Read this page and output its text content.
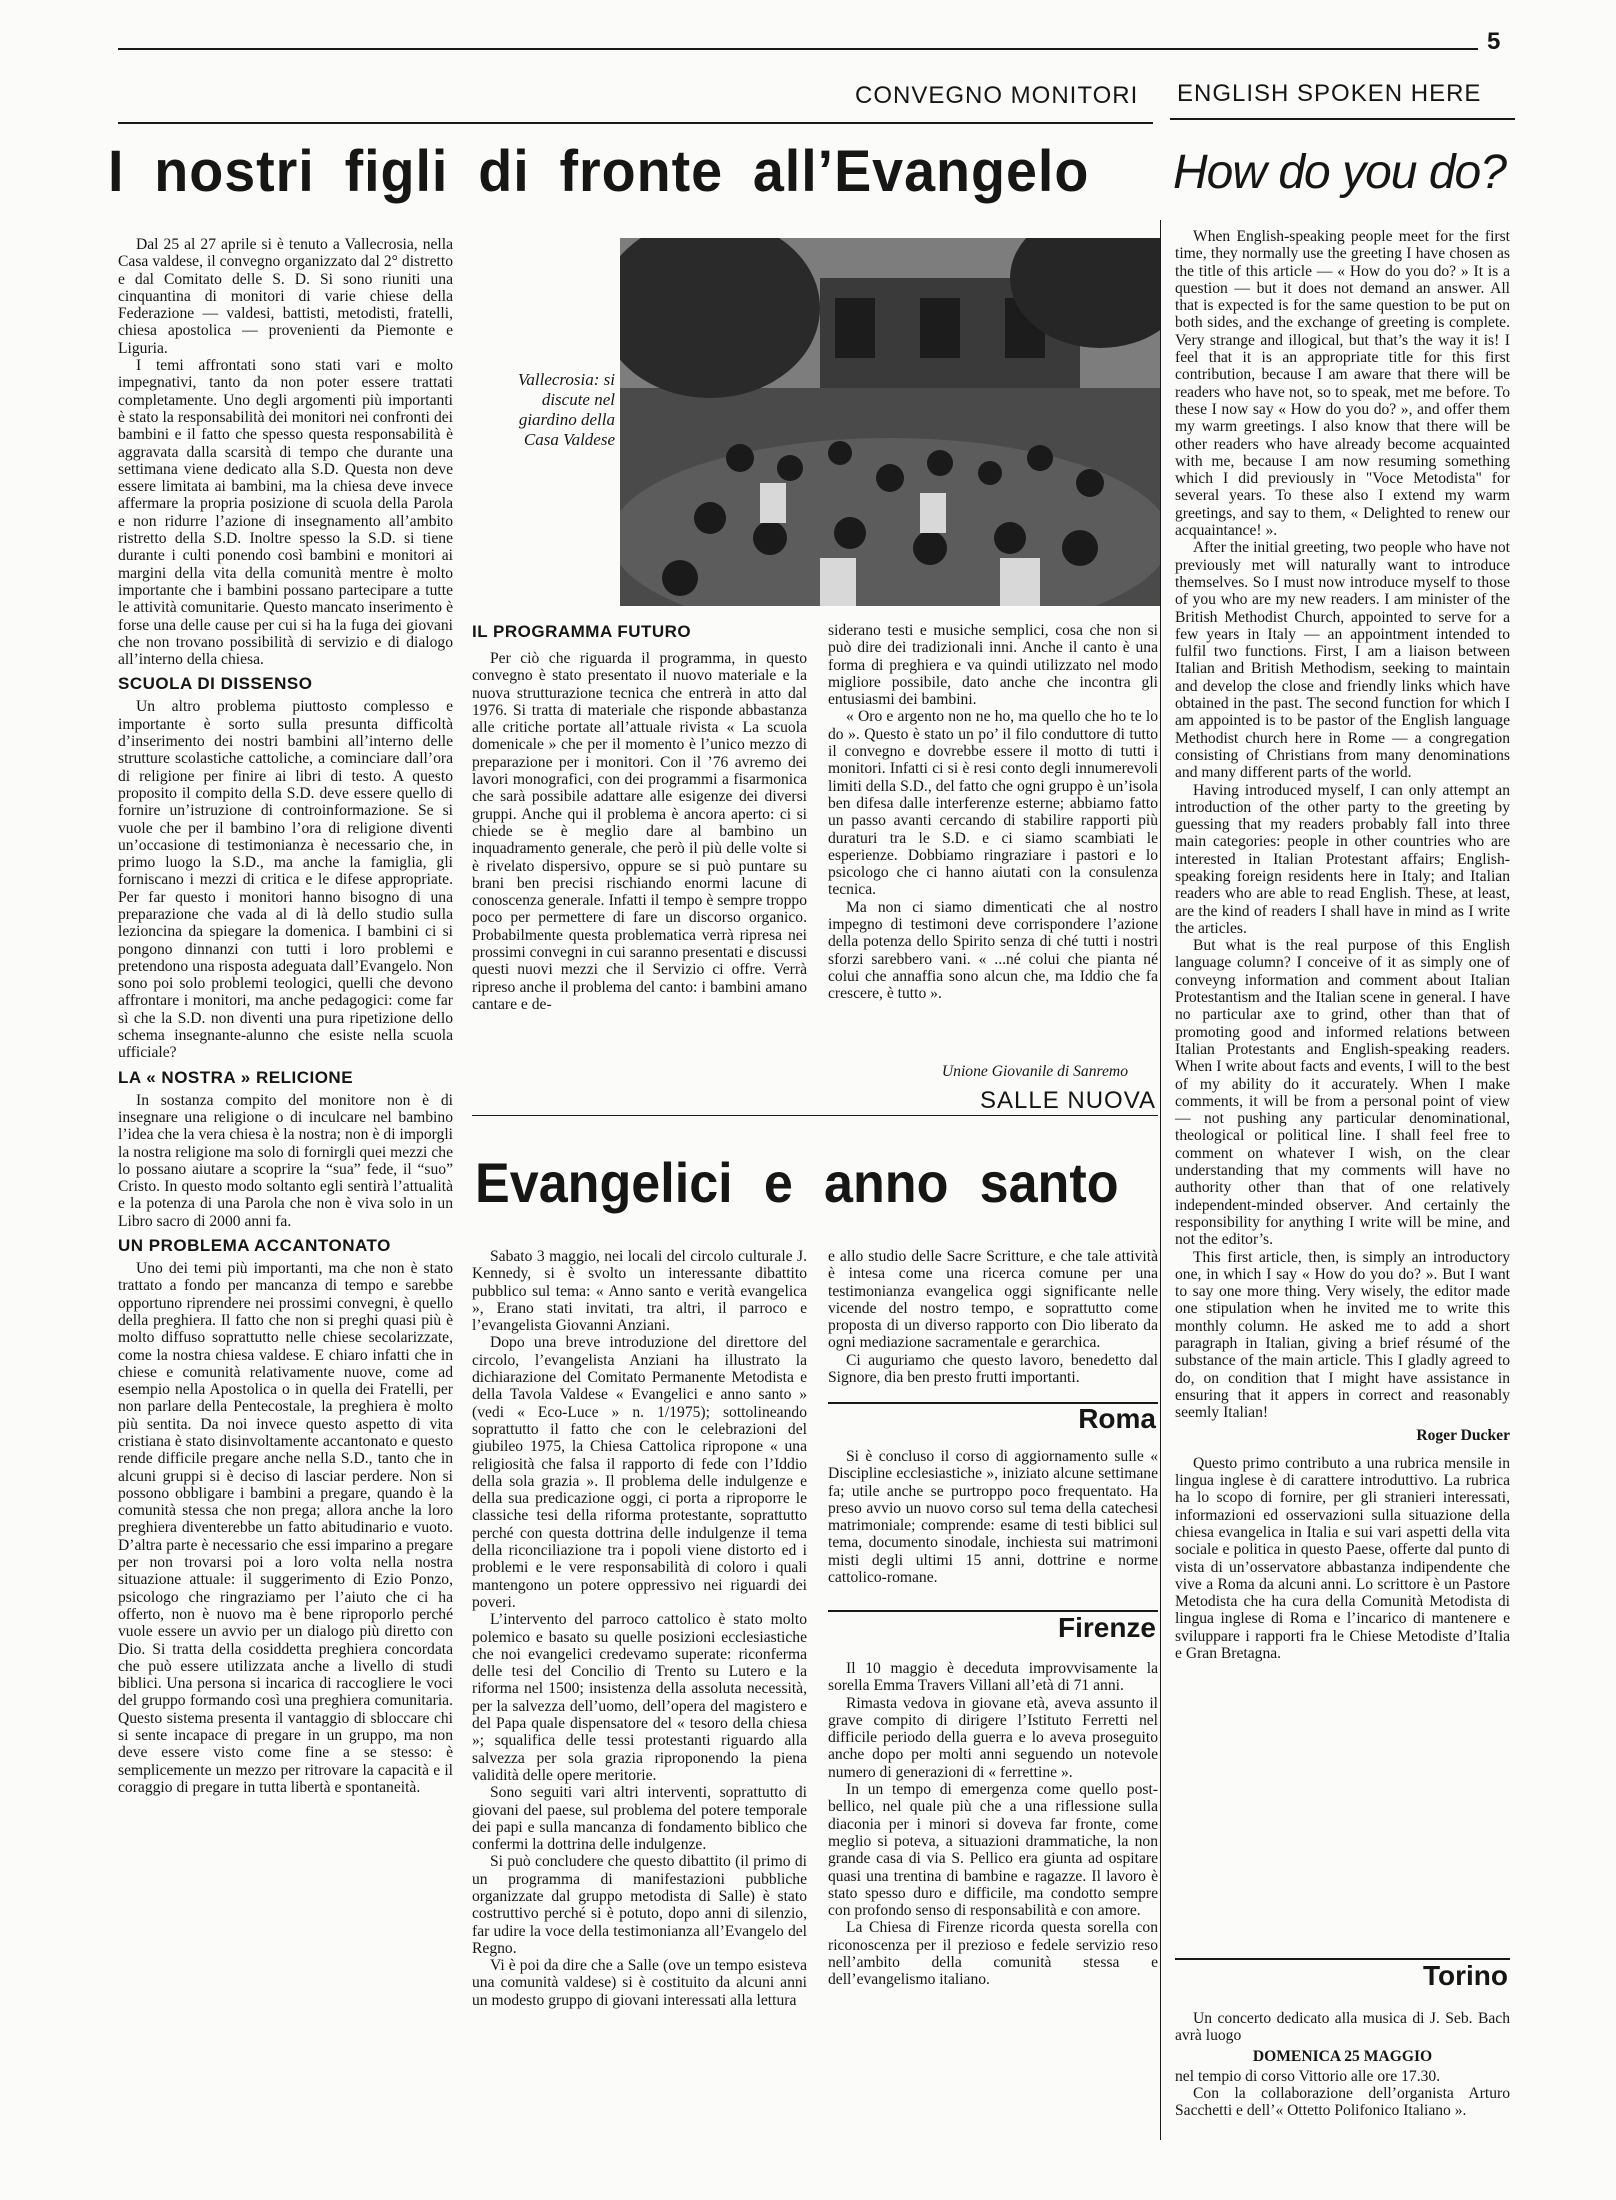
5
CONVEGNO MONITORI ENGLISH SPOKEN HERE
I nostri figli di fronte all’Evangelo How do you do?

Dal 25 al 27 aprile si è tenuto a Vallecrosia, nella Casa valdese, il convegno organizzato dal 2° distretto e dal Comitato delle S. D. Si sono riuniti una cinquantina di monitori di varie chiese della Federazione — valdesi, battisti, metodisti, fratelli, chiesa apostolica — provenienti da Piemonte e Liguria.

I temi affrontati sono stati vari e molto impegnativi, tanto da non poter essere trattati completamente. Uno degli argomenti più importanti è stato la responsabilità dei monitori nei confronti dei bambini e il fatto che spesso questa responsabilità è aggravata dalla scarsità di tempo che durante una settimana viene dedicato alla S.D. Questa non deve essere limitata ai bambini, ma la chiesa deve invece affermare la propria posizione di scuola della Parola e non ridurre l’azione di insegnamento all’ambito ristretto della S.D. Inoltre spesso la S.D. si tiene durante i culti ponendo così bambini e monitori ai margini della vita della comunità mentre è molto importante che i bambini possano partecipare a tutte le attività comunitarie. Questo mancato inserimento è forse una delle cause per cui si ha la fuga dei giovani che non trovano possibilità di servizio e di dialogo all’interno della chiesa.

SCUOLA DI DISSENSO

Un altro problema piuttosto complesso e importante è sorto sulla presunta difficoltà d’inserimento dei nostri bambini all’interno delle strutture scolastiche cattoliche, a cominciare dall’ora di religione per finire ai libri di testo. A questo proposito il compito della S.D. deve essere quello di fornire un’istruzione di controinformazione. Se si vuole che per il bambino l’ora di religione diventi un’occasione di testimonianza è necessario che, in primo luogo la S.D., ma anche la famiglia, gli forniscano i mezzi di critica e le difese appropriate. Per far questo i monitori hanno bisogno di una preparazione che vada al di là dello studio sulla lezioncina da spiegare la domenica. I bambini ci si pongono dinnanzi con tutti i loro problemi e pretendono una risposta adeguata dall’Evangelo. Non sono poi solo problemi teologici, quelli che devono affrontare i monitori, ma anche pedagogici: come far sì che la S.D. non diventi una pura ripetizione dello schema insegnante-alunno che esiste nella scuola ufficiale?

LA « NOSTRA » RELICIONE

In sostanza compito del monitore non è di insegnare una religione o di inculcare nel bambino l’idea che la vera chiesa è la nostra; non è di imporgli la nostra religione ma solo di fornirgli quei mezzi che lo possano aiutare a scoprire la “sua” fede, il “suo” Cristo. In questo modo soltanto egli sentirà l’attualità e la potenza di una Parola che non è viva solo in un Libro sacro di 2000 anni fa.

UN PROBLEMA ACCANTONATO

Uno dei temi più importanti, ma che non è stato trattato a fondo per mancanza di tempo e sarebbe opportuno riprendere nei prossimi convegni, è quello della preghiera. Il fatto che non si preghi quasi più è molto diffuso soprattutto nelle chiese secolarizzate, come la nostra chiesa valdese. E chiaro infatti che in chiese e comunità relativamente nuove, come ad esempio nella Apostolica o in quella dei Fratelli, per non parlare della Pentecostale, la preghiera è molto più sentita. Da noi invece questo aspetto di vita cristiana è stato disinvoltamente accantonato e questo rende difficile pregare anche nella S.D., tanto che in alcuni gruppi si è deciso di lasciar perdere. Non si possono obbligare i bambini a pregare, quando è la comunità stessa che non prega; allora anche la loro preghiera diventerebbe un fatto abitudinario e vuoto. D’altra parte è necessario che essi imparino a pregare per non trovarsi poi a loro volta nella nostra situazione attuale: il suggerimento di Ezio Ponzo, psicologo che ringraziamo per l’aiuto che ci ha offerto, non è nuovo ma è bene riproporlo perché vuole essere un avvio per un dialogo più diretto con Dio. Si tratta della cosiddetta preghiera concordata che può essere utilizzata anche a livello di studi biblici. Una persona si incarica di raccogliere le voci del gruppo formando così una preghiera comunitaria. Questo sistema presenta il vantaggio di sbloccare chi si sente incapace di pregare in un gruppo, ma non deve essere visto come fine a se stesso: è semplicemente un mezzo per ritrovare la capacità e il coraggio di pregare in tutta libertà e spontaneità.

Vallecrosia: si discute nel giardino della Casa Valdese
IL PROGRAMMA FUTURO

Per ciò che riguarda il programma, in questo convegno è stato presentato il nuovo materiale e la nuova strutturazione tecnica che entrerà in atto dal 1976. Si tratta di materiale che risponde abbastanza alle critiche portate all’attuale rivista « La scuola domenicale » che per il momento è l’unico mezzo di preparazione per i monitori. Con il ’76 avremo dei lavori monografici, con dei programmi a fisarmonica che sarà possibile adattare alle esigenze dei diversi gruppi. Anche qui il problema è ancora aperto: ci si chiede se è meglio dare al bambino un inquadramento generale, che però il più delle volte si è rivelato dispersivo, oppure se si può puntare su brani ben precisi rischiando enormi lacune di conoscenza generale. Infatti il tempo è sempre troppo poco per permettere di fare un discorso organico. Probabilmente questa problematica verrà ripresa nei prossimi convegni in cui saranno presentati e discussi questi nuovi mezzi che il Servizio ci offre. Verrà ripreso anche il problema del canto: i bambini amano cantare e de-

siderano testi e musiche semplici, cosa che non si può dire dei tradizionali inni. Anche il canto è una forma di preghiera e va quindi utilizzato nel modo migliore possibile, dato anche che incontra gli entusiasmi dei bambini.

« Oro e argento non ne ho, ma quello che ho te lo do ». Questo è stato un po’ il filo conduttore di tutto il convegno e dovrebbe essere il motto di tutti i monitori. Infatti ci si è resi conto degli innumerevoli limiti della S.D., del fatto che ogni gruppo è un’isola ben difesa dalle interferenze esterne; abbiamo fatto un passo avanti cercando di stabilire rapporti più duraturi tra le S.D. e ci siamo scambiati le esperienze. Dobbiamo ringraziare i pastori e lo psicologo che ci hanno aiutati con la consulenza tecnica.

Ma non ci siamo dimenticati che al nostro impegno di testimoni deve corrispondere l’azione della potenza dello Spirito senza di ché tutti i nostri sforzi sarebbero vani. « ...né colui che pianta né colui che annaffia sono alcun che, ma Iddio che fa crescere, è tutto ».

Unione Giovanile di Sanremo
SALLE NUOVA
Evangelici e anno santo

Sabato 3 maggio, nei locali del circolo culturale J. Kennedy, si è svolto un interessante dibattito pubblico sul tema: « Anno santo e verità evangelica », Erano stati invitati, tra altri, il parroco e l’evangelista Giovanni Anziani.

Dopo una breve introduzione del direttore del circolo, l’evangelista Anziani ha illustrato la dichiarazione del Comitato Permanente Metodista e della Tavola Valdese « Evangelici e anno santo » (vedi « Eco-Luce » n. 1/1975); sottolineando soprattutto il fatto che con le celebrazioni del giubileo 1975, la Chiesa Cattolica ripropone « una religiosità che falsa il rapporto di fede con l’Iddio della sola grazia ». Il problema delle indulgenze e della sua predicazione oggi, ci porta a riproporre le classiche tesi della riforma protestante, soprattutto perché con questa dottrina delle indulgenze il tema della riconciliazione tra i popoli viene distorto ed i problemi e le vere responsabilità di coloro i quali mantengono un potere oppressivo nei riguardi dei poveri.

L’intervento del parroco cattolico è stato molto polemico e basato su quelle posizioni ecclesiastiche che noi evangelici credevamo superate: riconferma delle tesi del Concilio di Trento su Lutero e la riforma nel 1500; insistenza della assoluta necessità, per la salvezza dell’uomo, dell’opera del magistero e del Papa quale dispensatore del « tesoro della chiesa »; squalifica delle tessi protestanti riguardo alla salvezza per sola grazia riproponendo la piena validità delle opere meritorie.

Sono seguiti vari altri interventi, soprattutto di giovani del paese, sul problema del potere temporale dei papi e sulla mancanza di fondamento biblico che confermi la dottrina delle indulgenze.

Si può concludere che questo dibattito (il primo di un programma di manifestazioni pubbliche organizzate dal gruppo metodista di Salle) è stato costruttivo perché si è potuto, dopo anni di silenzio, far udire la voce della testimonianza all’Evangelo del Regno.

Vi è poi da dire che a Salle (ove un tempo esisteva una comunità valdese) si è costituito da alcuni anni un modesto gruppo di giovani interessati alla lettura

e allo studio delle Sacre Scritture, e che tale attività è intesa come una ricerca comune per una testimonianza evangelica oggi significante nelle vicende del nostro tempo, e soprattutto come proposta di un diverso rapporto con Dio liberato da ogni mediazione sacramentale e gerarchica.

Ci auguriamo che questo lavoro, benedetto dal Signore, dia ben presto frutti importanti.

Roma

Si è concluso il corso di aggiornamento sulle « Discipline ecclesiastiche », iniziato alcune settimane fa; utile anche se purtroppo poco frequentato. Ha preso avvio un nuovo corso sul tema della catechesi matrimoniale; comprende: esame di testi biblici sul tema, documento sinodale, inchiesta sui matrimoni misti degli ultimi 15 anni, dottrine e norme cattolico-romane.

Firenze

Il 10 maggio è deceduta improvvisamente la sorella Emma Travers Villani all’età di 71 anni.

Rimasta vedova in giovane età, aveva assunto il grave compito di dirigere l’Istituto Ferretti nel difficile periodo della guerra e lo aveva proseguito anche dopo per molti anni seguendo un notevole numero di generazioni di « ferrettine ».

In un tempo di emergenza come quello post-bellico, nel quale più che a una riflessione sulla diaconia per i minori si doveva far fronte, come meglio si poteva, a situazioni drammatiche, la non grande casa di via S. Pellico era giunta ad ospitare quasi una trentina di bambine e ragazze. Il lavoro è stato spesso duro e difficile, ma condotto sempre con profondo senso di responsabilità e con amore.

La Chiesa di Firenze ricorda questa sorella con riconoscenza per il prezioso e fedele servizio reso nell’ambito della comunità stessa e dell’evangelismo italiano.

When English-speaking people meet for the first time, they normally use the greeting I have chosen as the title of this article — « How do you do? » It is a question — but it does not demand an answer. All that is expected is for the same question to be put on both sides, and the exchange of greeting is complete. Very strange and illogical, but that’s the way it is! I feel that it is an appropriate title for this first contribution, because I am aware that there will be readers who have not, so to speak, met me before. To these I now say « How do you do? », and offer them my warm greetings. I also know that there will be other readers who have already become acquainted with me, because I am now resuming something which I did previously in "Voce Metodista" for several years. To these also I extend my warm greetings, and say to them, « Delighted to renew our acquaintance! ».

After the initial greeting, two people who have not previously met will naturally want to introduce themselves. So I must now introduce myself to those of you who are my new readers. I am minister of the British Methodist Church, appointed to serve for a few years in Italy — an appointment intended to fulfil two functions. First, I am a liaison between Italian and British Methodism, seeking to maintain and develop the close and friendly links which have obtained in the past. The second function for which I am appointed is to be pastor of the English language Methodist church here in Rome — a congregation consisting of Christians from many denominations and many different parts of the world.

Having introduced myself, I can only attempt an introduction of the other party to the greeting by guessing that my readers probably fall into three main categories: people in other countries who are interested in Italian Protestant affairs; English-speaking foreign residents here in Italy; and Italian readers who are able to read English. These, at least, are the kind of readers I shall have in mind as I write the articles.

But what is the real purpose of this English language column? I conceive of it as simply one of conveyng information and comment about Italian Protestantism and the Italian scene in general. I have no particular axe to grind, other than that of promoting good and informed relations between Italian Protestants and English-speaking readers. When I write about facts and events, I will to the best of my ability do it accurately. When I make comments, it will be from a personal point of view — not pushing any particular denominational, theological or political line. I shall feel free to comment on whatever I wish, on the clear understanding that my comments will have no authority other than that of one relatively independent-minded observer. And certainly the responsibility for anything I write will be mine, and not the editor’s.

This first article, then, is simply an introductory one, in which I say « How do you do? ». But I want to say one more thing. Very wisely, the editor made one stipulation when he invited me to write this monthly column. He asked me to add a short paragraph in Italian, giving a brief résumé of the substance of the main article. This I gladly agreed to do, on condition that I might have assistance in ensuring that it appers in correct and reasonably seemly Italian!

Roger Ducker

Questo primo contributo a una rubrica mensile in lingua inglese è di carattere introduttivo. La rubrica ha lo scopo di fornire, per gli stranieri interessati, informazioni ed osservazioni sulla situazione della chiesa evangelica in Italia e sui vari aspetti della vita sociale e politica in questo Paese, offerte dal punto di vista di un’osservatore abbastanza indipendente che vive a Roma da alcuni anni. Lo scrittore è un Pastore Metodista che ha cura della Comunità Metodista di lingua inglese di Roma e l’incarico di mantenere e sviluppare i rapporti fra le Chiese Metodiste d’Italia e Gran Bretagna.

Torino

Un concerto dedicato alla musica di J. Seb. Bach avrà luogo

DOMENICA 25 MAGGIO

nel tempio di corso Vittorio alle ore 17.30.

Con la collaborazione dell’organista Arturo Sacchetti e dell’« Ottetto Polifonico Italiano ».
